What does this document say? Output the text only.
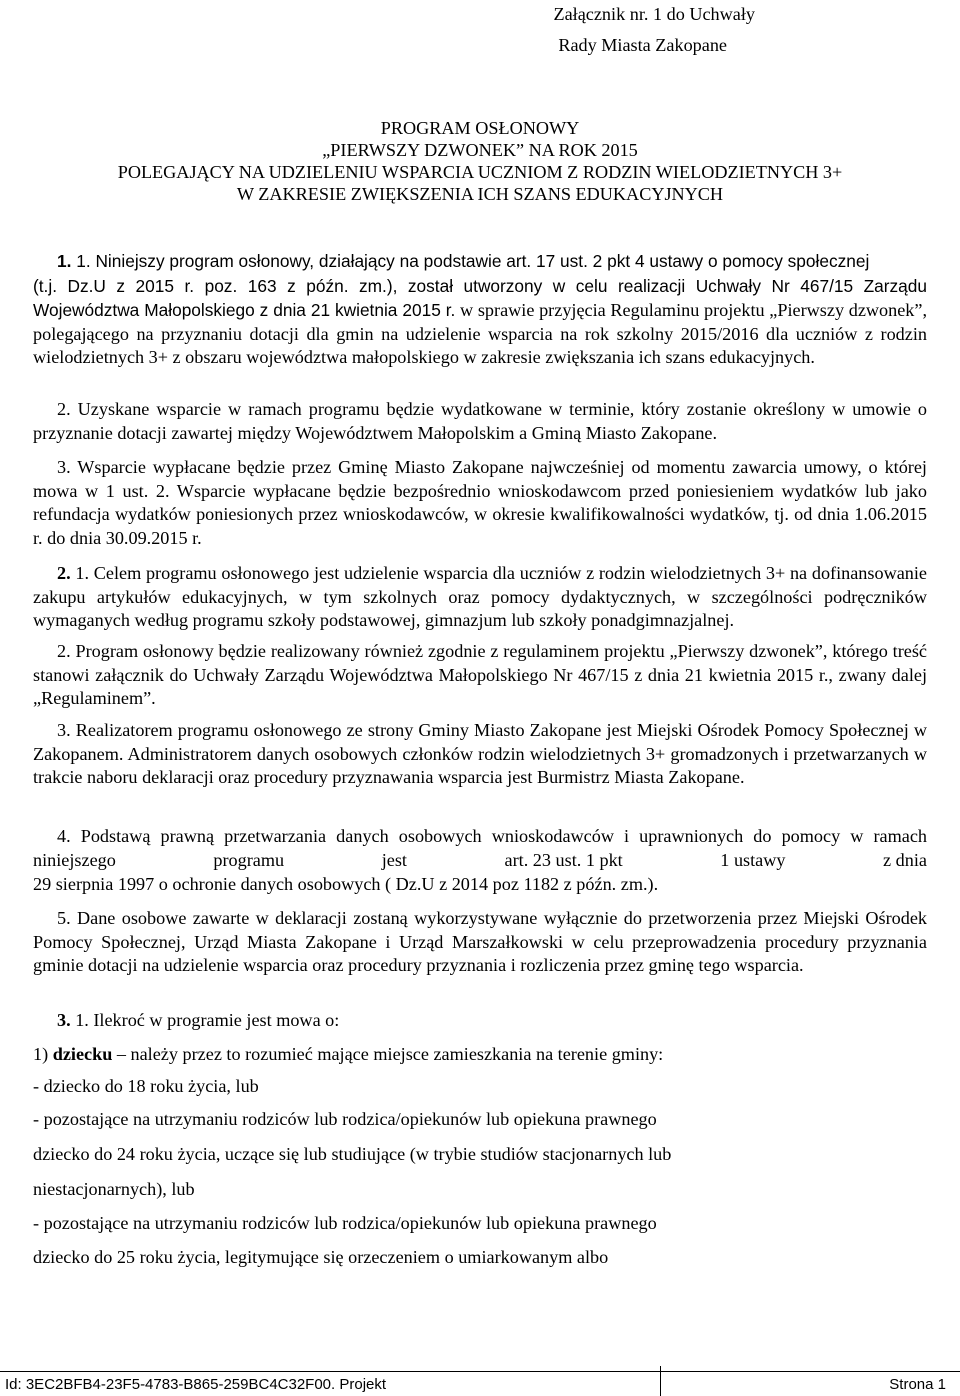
Załącznik nr. 1 do Uchwały
Rady Miasta Zakopane
PROGRAM OSŁONOWY
„PIERWSZY DZWONEK” NA ROK 2015
POLEGAJĄCY NA UDZIELENIU WSPARCIA UCZNIOM Z RODZIN WIELODZIETNYCH 3+
W ZAKRESIE ZWIĘKSZENIA ICH SZANS EDUKACYJNYCH
1. 1. Niniejszy program osłonowy, działający na podstawie art. 17 ust. 2 pkt 4 ustawy o pomocy społecznej
(t.j. Dz.U z 2015 r. poz. 163 z późn. zm.), został utworzony w celu realizacji Uchwały Nr 467/15 Zarządu
Województwa Małopolskiego z dnia 21 kwietnia 2015 r. w sprawie przyjęcia Regulaminu projektu „Pierwszy dzwonek”, polegającego na przyznaniu dotacji dla gmin na udzielenie wsparcia na rok szkolny 2015/2016 dla uczniów z rodzin wielodzietnych 3+ z obszaru województwa małopolskiego w zakresie zwiększania ich szans edukacyjnych.
2. Uzyskane wsparcie w ramach programu będzie wydatkowane w terminie, który zostanie określony w umowie o przyznanie dotacji zawartej między Województwem Małopolskim a Gminą Miasto Zakopane.
3. Wsparcie wypłacane będzie przez Gminę Miasto Zakopane najwcześniej od momentu zawarcia umowy, o której mowa w 1 ust. 2. Wsparcie wypłacane będzie bezpośrednio wnioskodawcom przed poniesieniem wydatków lub jako refundacja wydatków poniesionych przez wnioskodawców, w okresie kwalifikowalności wydatków, tj. od dnia 1.06.2015 r. do dnia 30.09.2015 r.
2. 1. Celem programu osłonowego jest udzielenie wsparcia dla uczniów z rodzin wielodzietnych 3+ na dofinansowanie zakupu artykułów edukacyjnych, w tym szkolnych oraz pomocy dydaktycznych, w szczególności podręczników wymaganych według programu szkoły podstawowej, gimnazjum lub szkoły ponadgimnazjalnej.
2. Program osłonowy będzie realizowany również zgodnie z regulaminem projektu „Pierwszy dzwonek”, którego treść stanowi załącznik do Uchwały Zarządu Województwa Małopolskiego Nr 467/15 z dnia 21 kwietnia 2015 r., zwany dalej „Regulaminem”.
3. Realizatorem programu osłonowego ze strony Gminy Miasto Zakopane jest Miejski Ośrodek Pomocy Społecznej w Zakopanem. Administratorem danych osobowych członków rodzin wielodzietnych 3+ gromadzonych i przetwarzanych w trakcie naboru deklaracji oraz procedury przyznawania wsparcia jest Burmistrz Miasta Zakopane.
4. Podstawą prawną przetwarzania danych osobowych wnioskodawców i uprawnionych do pomocy w ramach
niniejszego	programu	jest	art. 23 ust. 1 pkt	1 ustawy	z dnia
29 sierpnia 1997 o ochronie danych osobowych ( Dz.U z 2014 poz 1182 z późn. zm.).
5. Dane osobowe zawarte w deklaracji zostaną wykorzystywane wyłącznie do przetworzenia przez Miejski Ośrodek Pomocy Społecznej, Urząd Miasta Zakopane i Urząd Marszałkowski w celu przeprowadzenia procedury przyznania gminie dotacji na udzielenie wsparcia oraz procedury przyznania i rozliczenia przez gminę tego wsparcia.
3. 1. Ilekroć w programie jest mowa o:
1) dziecku – należy przez to rozumieć mające miejsce zamieszkania na terenie gminy:
- dziecko do 18 roku życia, lub
- pozostające na utrzymaniu rodziców lub rodzica/opiekunów lub opiekuna prawnego
dziecko do 24 roku życia, uczące się lub studiujące (w trybie studiów stacjonarnych lub
niestacjonarnych), lub
- pozostające na utrzymaniu rodziców lub rodzica/opiekunów lub opiekuna prawnego
dziecko do 25 roku życia, legitymujące się orzeczeniem o umiarkowanym albo
Id: 3EC2BFB4-23F5-4783-B865-259BC4C32F00. Projekt	Strona 1
